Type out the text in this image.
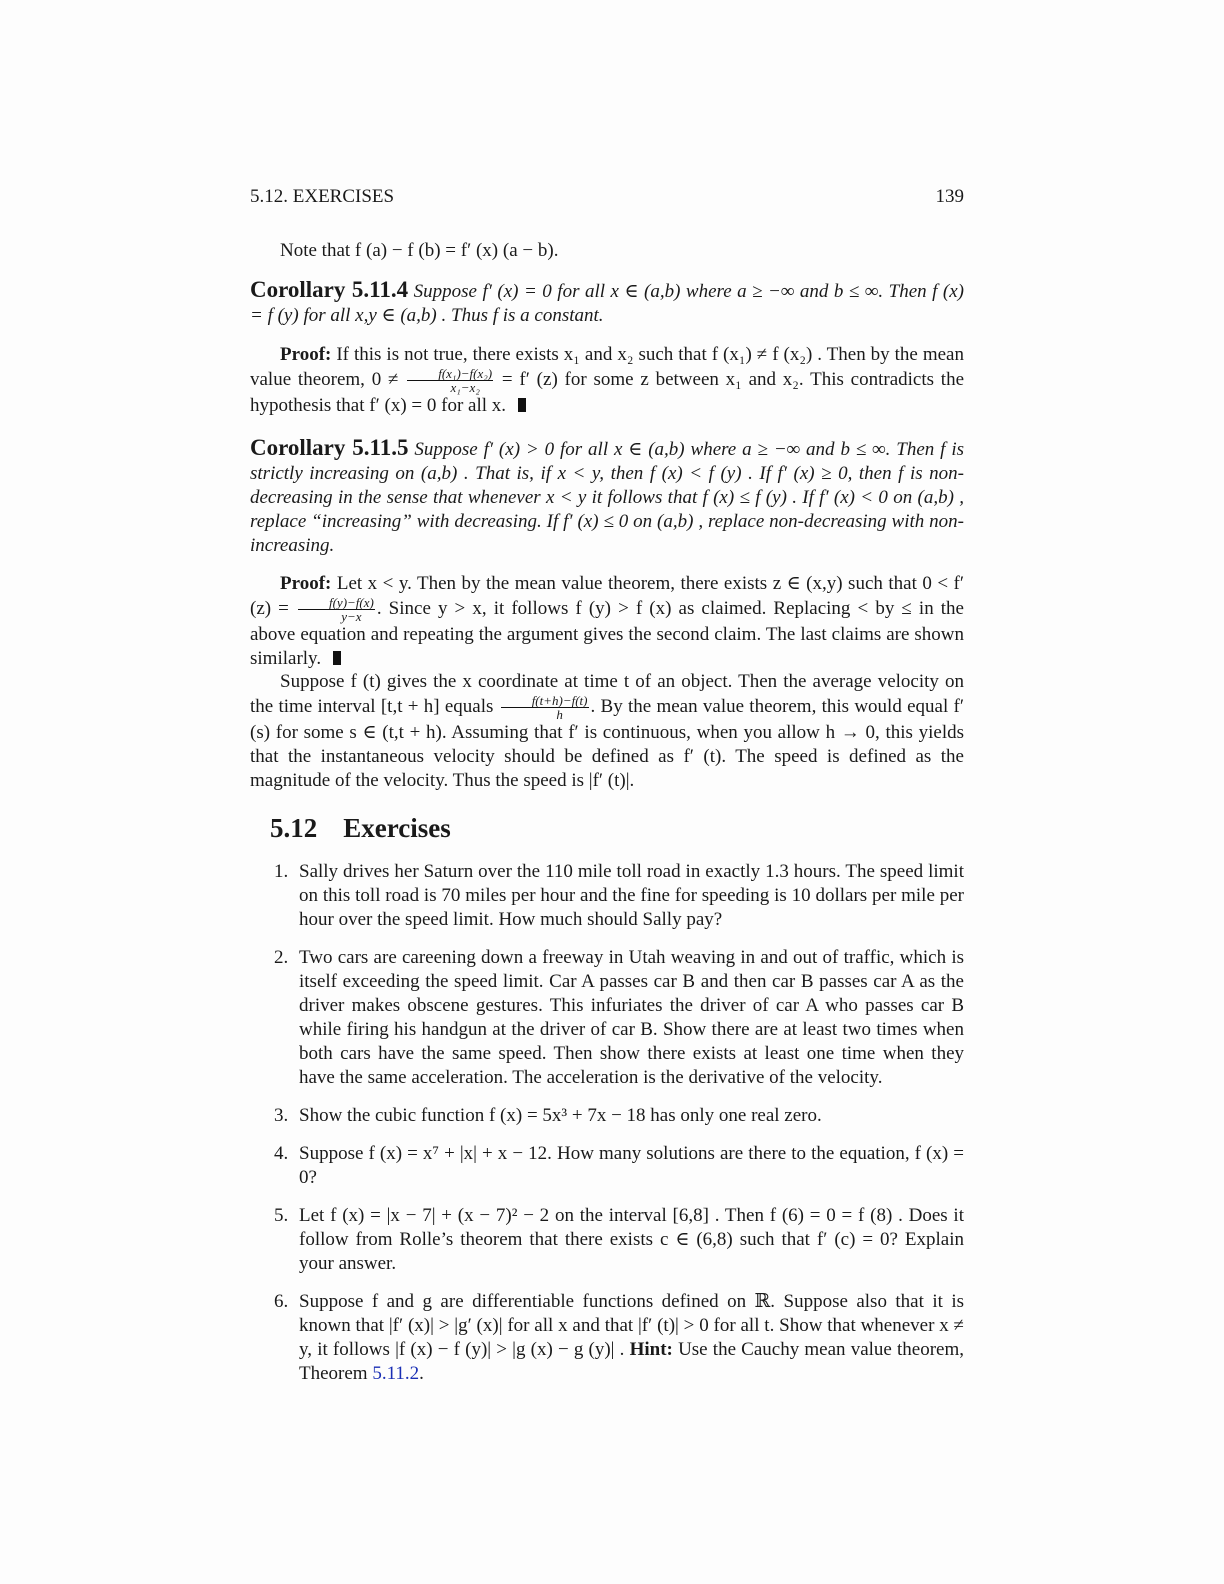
5.12. EXERCISES	139
Note that f (a) − f (b) = f′ (x) (a − b).
Corollary 5.11.4 Suppose f′ (x) = 0 for all x ∈ (a,b) where a ≥ −∞ and b ≤ ∞. Then f (x) = f (y) for all x,y ∈ (a,b) . Thus f is a constant.
Proof: If this is not true, there exists x₁ and x₂ such that f (x₁) ≠ f (x₂) . Then by the mean value theorem, $0 \ne \frac{\text{f(x₁)−f(x₂)}}{\text{x₁−x₂}} = f'$ (z) for some z between x₁ and x₂. This contradicts the hypothesis that f′ (x) = 0 for all x.
Corollary 5.11.5 Suppose f′ (x) > 0 for all x ∈ (a,b) where a ≥ −∞ and b ≤ ∞. Then f is strictly increasing on (a,b) . That is, if x < y, then f (x) < f (y) . If f′ (x) ≥ 0, then f is non-decreasing in the sense that whenever x < y it follows that f (x) ≤ f (y) . If f′ (x) < 0 on (a,b) , replace “increasing” with decreasing. If f′ (x) ≤ 0 on (a,b) , replace non-decreasing with non-increasing.
Proof: Let x < y. Then by the mean value theorem, there exists z ∈ (x,y) such that 0 < f′ $(z) = \frac{f(y)-f(x)}{y-x}$ . Since y > x, it follows f (y) > f (x) as claimed. Replacing < by ≤ in the above equation and repeating the argument gives the second claim. The last claims are shown similarly.
Suppose f (t) gives the x coordinate at time t of an object. Then the average velocity on the time interval [t,t + h] equals $\frac{f(t+h)-f(t)}{h}$ . By the mean value theorem, this would equal f′ (s) for some s ∈ (t,t + h). Assuming that f′ is continuous, when you allow h → 0, this yields that the instantaneous velocity should be defined as f′ (t). The speed is defined as the magnitude of the velocity. Thus the speed is |f′ (t)|.
5.12 Exercises
1. Sally drives her Saturn over the 110 mile toll road in exactly 1.3 hours. The speed limit on this toll road is 70 miles per hour and the fine for speeding is 10 dollars per mile per hour over the speed limit. How much should Sally pay?
2. Two cars are careening down a freeway in Utah weaving in and out of traffic, which is itself exceeding the speed limit. Car A passes car B and then car B passes car A as the driver makes obscene gestures. This infuriates the driver of car A who passes car B while firing his handgun at the driver of car B. Show there are at least two times when both cars have the same speed. Then show there exists at least one time when they have the same acceleration. The acceleration is the derivative of the velocity.
3. Show the cubic function f (x) = 5x³ + 7x − 18 has only one real zero.
4. Suppose f (x) = x⁷ + |x| + x − 12. How many solutions are there to the equation, f (x) = 0?
5. Let f (x) = |x − 7| + (x − 7)² − 2 on the interval [6,8] . Then f (6) = 0 = f (8) . Does it follow from Rolle’s theorem that there exists c ∈ (6,8) such that f′ (c) = 0? Explain your answer.
6. Suppose f and g are differentiable functions defined on ℝ. Suppose also that it is known that |f′ (x)| > |g′ (x)| for all x and that |f′ (t)| > 0 for all t. Show that whenever x ≠ y, it follows |f (x) − f (y)| > |g (x) − g (y)| . Hint: Use the Cauchy mean value theorem, Theorem 5.11.2.
